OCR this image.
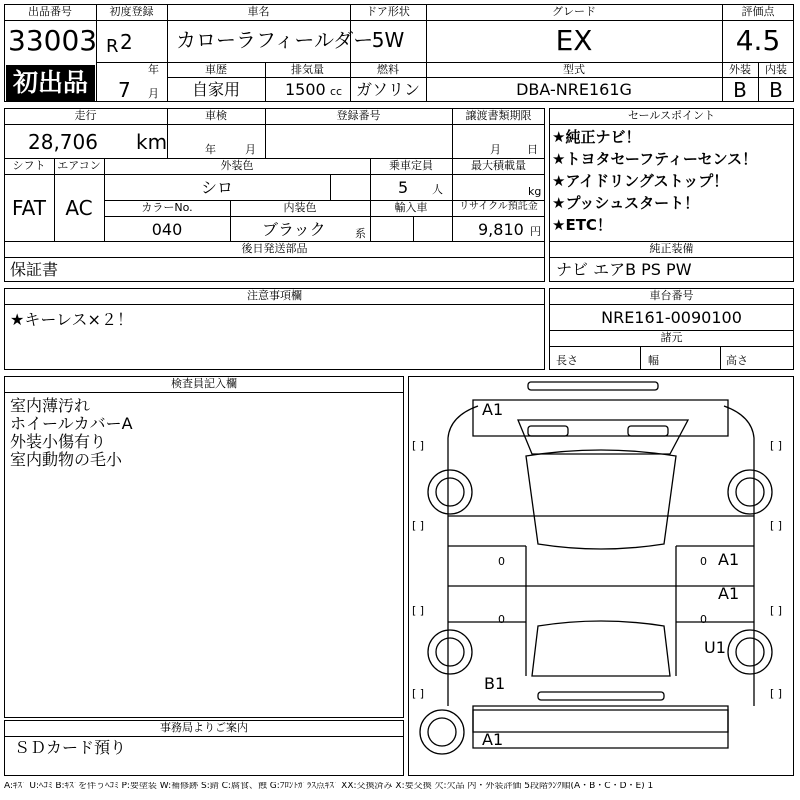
出品番号
33003
初出品
初度登録
R 2
年
7 月
車名
カローラフィールダー
ドア形状
5W
グレード
EX
評価点
4.5
外装	内装
B	B
車歴
自家用
排気量
1500 cc
燃料
ガソリン
型式
DBA-NRE161G
走行
28,706 km
車検
年	月
登録番号	譲渡書類期限
月 日
シフト
FAT
エアコン
AC
外装色
シロ
乗車定員
5 人
最大積載量
kg
カラーNo.
040
内装色
ブラック	系
輸入車	リサイクル預託金
9,810 円
後日発送部品
保証書
セールスポイント
★純正ナビ！
★トヨタセーフティーセンス！
★アイドリングストップ！
★プッシュスタート！
★ETC！
純正装備
ナビ エアB PS PW
注意事項欄
★キーレス×２！
車台番号
NRE161-0090100
諸元
長さ	幅	高さ
検査員記入欄
室内薄汚れ
ホイールカバーA
外装小傷有り
室内動物の毛小
事務局よりご案内
ＳＤカード預り
A1
A1
A1
U1
B1
A1
[ ]	[ ]
[ ]	[ ]
[ ]	[ ]
[ ]	[ ]
0	0
0	0
A:ｷｽﾞ U:ﾍｺﾐ B:ｷｽﾞを伴うﾍｺﾐ P:要塗装 W:補修跡 S:錆 C:腐食、蝕 G:ﾌﾛﾝﾄｶﾞﾗｽ点ｷｽﾞ XX:交換済み X:要交換 欠:欠品 内・外装評価 5段階ﾗﾝｸ順(A・B・C・D・E) 1
